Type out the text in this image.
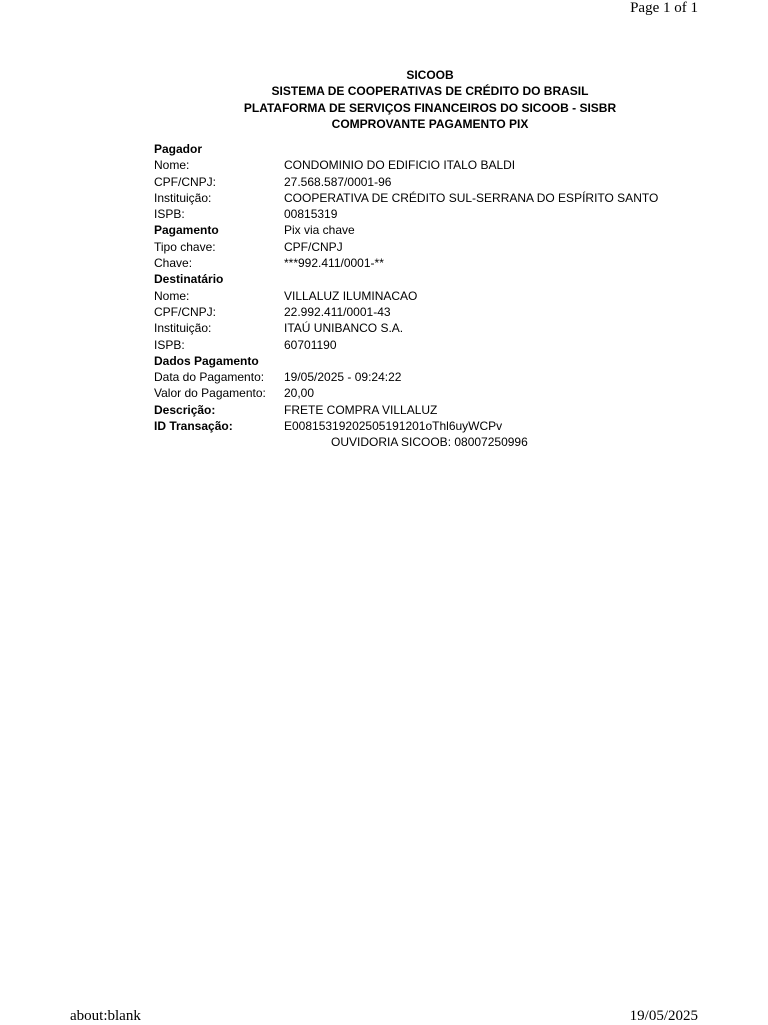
Page 1 of 1
SICOOB
SISTEMA DE COOPERATIVAS DE CRÉDITO DO BRASIL
PLATAFORMA DE SERVIÇOS FINANCEIROS DO SICOOB - SISBR
COMPROVANTE PAGAMENTO PIX
Pagador
Nome:	CONDOMINIO DO EDIFICIO ITALO BALDI
CPF/CNPJ:	27.568.587/0001-96
Instituição:	COOPERATIVA DE CRÉDITO SUL-SERRANA DO ESPÍRITO SANTO
ISPB:	00815319
Pagamento	Pix via chave
Tipo chave:	CPF/CNPJ
Chave:	***992.411/0001-**
Destinatário
Nome:	VILLALUZ ILUMINACAO
CPF/CNPJ:	22.992.411/0001-43
Instituição:	ITAÚ UNIBANCO S.A.
ISPB:	60701190
Dados Pagamento
Data do Pagamento:	19/05/2025 - 09:24:22
Valor do Pagamento:	20,00
Descrição:	FRETE COMPRA VILLALUZ
ID Transação:	E00815319202505191201oThl6uyWCPv
OUVIDORIA SICOOB: 08007250996
about:blank	19/05/2025
